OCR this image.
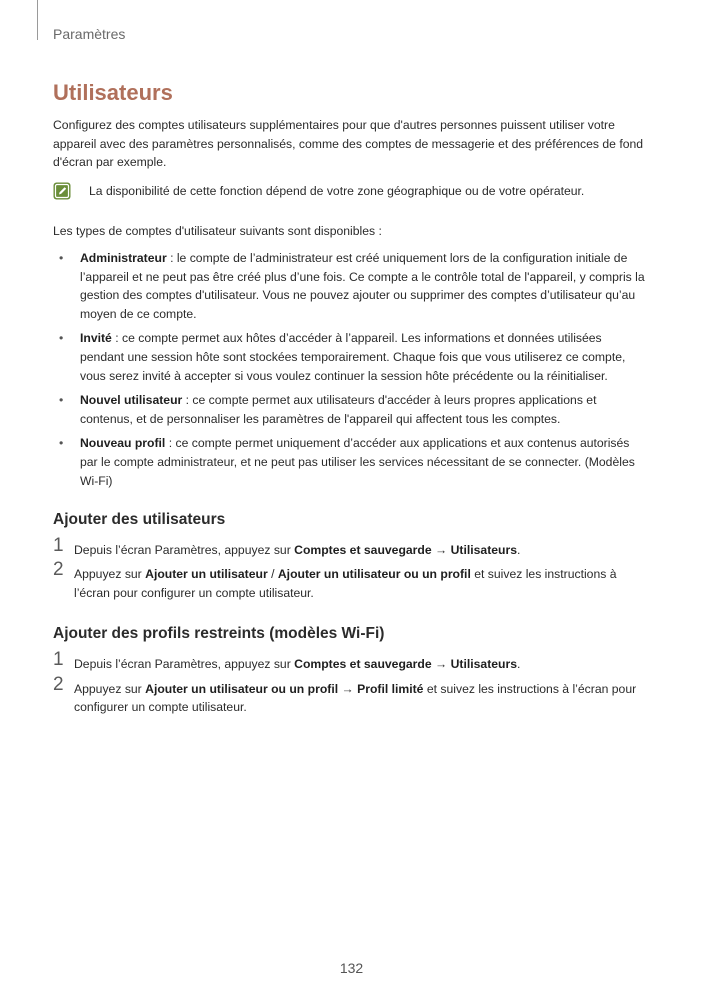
Paramètres
Utilisateurs

Configurez des comptes utilisateurs supplémentaires pour que d'autres personnes puissent utiliser votre appareil avec des paramètres personnalisés, comme des comptes de messagerie et des préférences de fond d'écran par exemple.

La disponibilité de cette fonction dépend de votre zone géographique ou de votre opérateur.

Les types de comptes d'utilisateur suivants sont disponibles :

• Administrateur : le compte de l’administrateur est créé uniquement lors de la configuration initiale de l’appareil et ne peut pas être créé plus d’une fois. Ce compte a le contrôle total de l'appareil, y compris la gestion des comptes d'utilisateur. Vous ne pouvez ajouter ou supprimer des comptes d’utilisateur qu’au moyen de ce compte.
• Invité : ce compte permet aux hôtes d’accéder à l’appareil. Les informations et données utilisées pendant une session hôte sont stockées temporairement. Chaque fois que vous utiliserez ce compte, vous serez invité à accepter si vous voulez continuer la session hôte précédente ou la réinitialiser.
• Nouvel utilisateur : ce compte permet aux utilisateurs d'accéder à leurs propres applications et contenus, et de personnaliser les paramètres de l'appareil qui affectent tous les comptes.
• Nouveau profil : ce compte permet uniquement d’accéder aux applications et aux contenus autorisés par le compte administrateur, et ne peut pas utiliser les services nécessitant de se connecter. (Modèles Wi-Fi)
Ajouter des utilisateurs
1 Depuis l’écran Paramètres, appuyez sur Comptes et sauvegarde → Utilisateurs.
2 Appuyez sur Ajouter un utilisateur / Ajouter un utilisateur ou un profil et suivez les instructions à l’écran pour configurer un compte utilisateur.
Ajouter des profils restreints (modèles Wi-Fi)
1 Depuis l’écran Paramètres, appuyez sur Comptes et sauvegarde → Utilisateurs.
2 Appuyez sur Ajouter un utilisateur ou un profil → Profil limité et suivez les instructions à l’écran pour configurer un compte utilisateur.
132
